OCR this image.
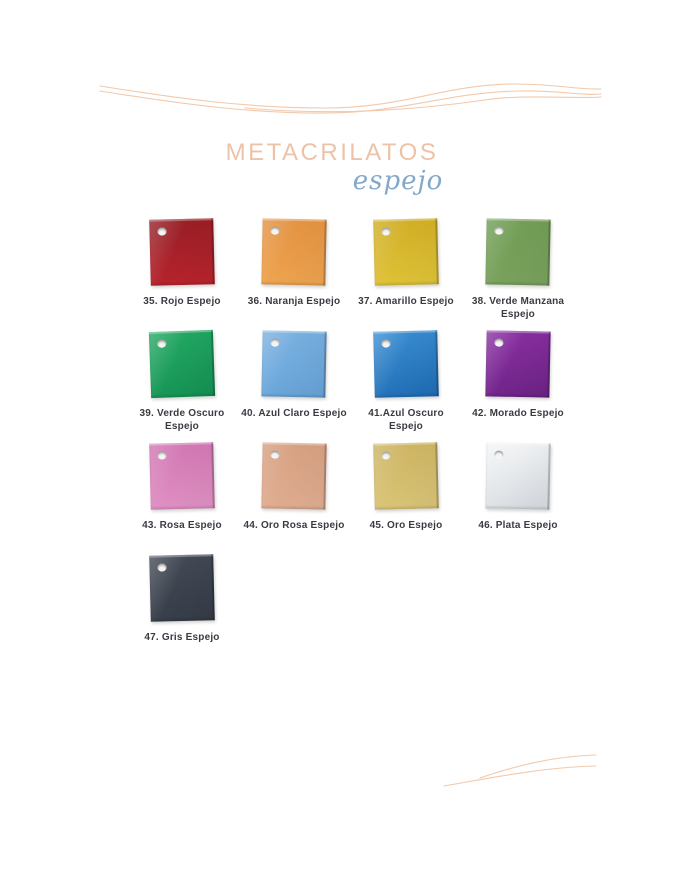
METACRILATOS
espejo
35. Rojo Espejo	36. Naranja Espejo 37. Amarillo Espejo	38. Verde Manzana Espejo
39. Verde Oscuro Espejo
40. Azul Claro Espejo	41.Azul Oscuro Espejo
42. Morado Espejo
43. Rosa Espejo 44. Oro Rosa Espejo	45. Oro Espejo	46. Plata Espejo
47. Gris Espejo
